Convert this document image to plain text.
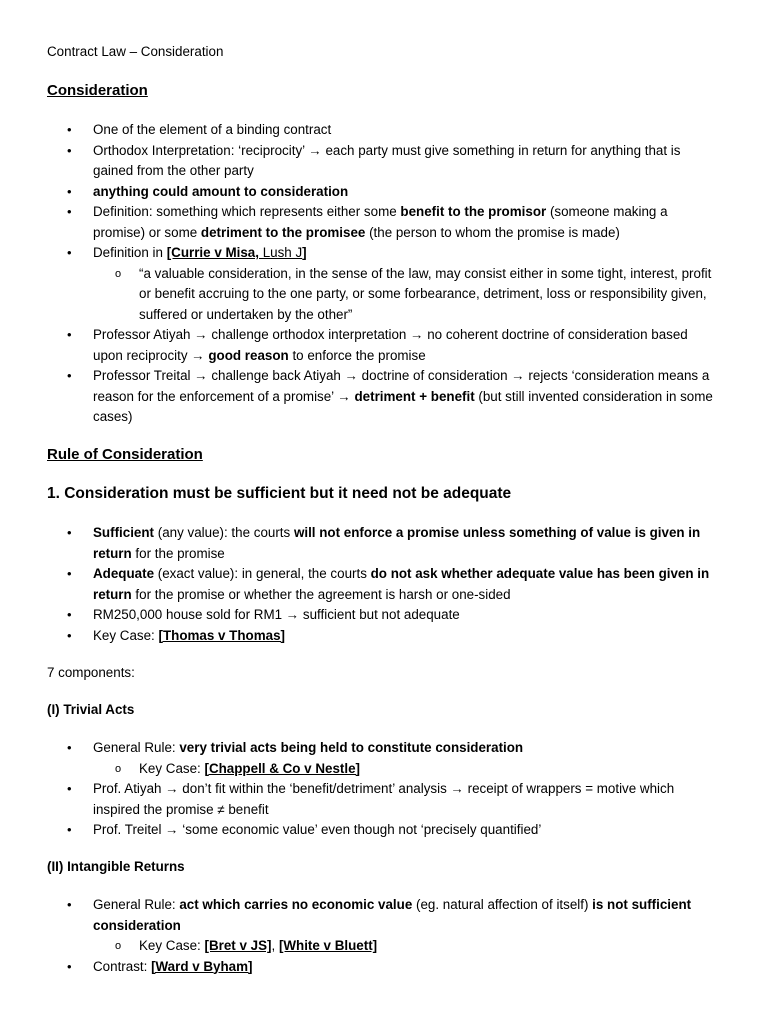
Contract Law – Consideration
Consideration
• One of the element of a binding contract
• Orthodox Interpretation: ‘reciprocity’ → each party must give something in return for anything that is gained from the other party
• anything could amount to consideration
• Definition: something which represents either some benefit to the promisor (someone making a promise) or some detriment to the promisee (the person to whom the promise is made)
• Definition in [Currie v Misa, Lush J]
o “a valuable consideration, in the sense of the law, may consist either in some tight, interest, profit or benefit accruing to the one party, or some forbearance, detriment, loss or responsibility given, suffered or undertaken by the other”
• Professor Atiyah → challenge orthodox interpretation → no coherent doctrine of consideration based upon reciprocity → good reason to enforce the promise
• Professor Treital → challenge back Atiyah → doctrine of consideration → rejects ‘consideration means a reason for the enforcement of a promise’ → detriment + benefit (but still invented consideration in some cases)
Rule of Consideration
1. Consideration must be sufficient but it need not be adequate
• Sufficient (any value): the courts will not enforce a promise unless something of value is given in return for the promise
• Adequate (exact value): in general, the courts do not ask whether adequate value has been given in return for the promise or whether the agreement is harsh or one-sided
• RM250,000 house sold for RM1 → sufficient but not adequate
• Key Case: [Thomas v Thomas]
7 components:
(I) Trivial Acts
• General Rule: very trivial acts being held to constitute consideration
o Key Case: [Chappell & Co v Nestle]
• Prof. Atiyah → don’t fit within the ‘benefit/detriment’ analysis → receipt of wrappers = motive which inspired the promise ≠ benefit
• Prof. Treitel → ‘some economic value’ even though not ‘precisely quantified’
(II) Intangible Returns
• General Rule: act which carries no economic value (eg. natural affection of itself) is not sufficient consideration
o Key Case: [Bret v JS], [White v Bluett]
• Contrast: [Ward v Byham]
